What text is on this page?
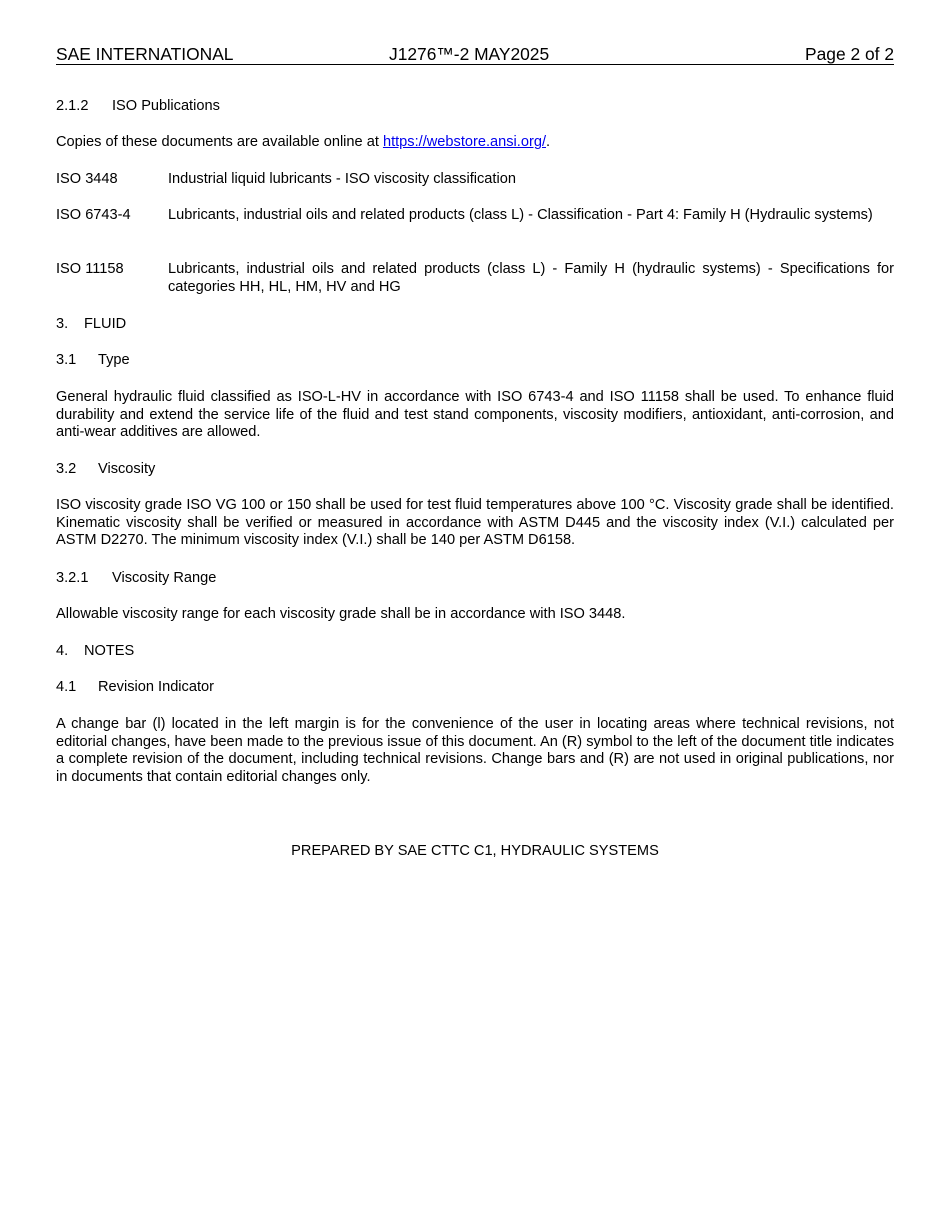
SAE INTERNATIONAL	J1276™-2 MAY2025	Page 2 of 2
2.1.2 ISO Publications

Copies of these documents are available online at https://webstore.ansi.org/.

ISO 3448	Industrial liquid lubricants - ISO viscosity classification
ISO 6743-4	Lubricants, industrial oils and related products (class L) - Classification - Part 4: Family H (Hydraulic systems)
ISO 11158	Lubricants, industrial oils and related products (class L) - Family H (hydraulic systems) - Specifications for categories HH, HL, HM, HV and HG
3. FLUID
3.1 Type

General hydraulic fluid classified as ISO-L-HV in accordance with ISO 6743-4 and ISO 11158 shall be used. To enhance fluid durability and extend the service life of the fluid and test stand components, viscosity modifiers, antioxidant, anti-corrosion, and anti-wear additives are allowed.

3.2 Viscosity

ISO viscosity grade ISO VG 100 or 150 shall be used for test fluid temperatures above 100 °C. Viscosity grade shall be identified. Kinematic viscosity shall be verified or measured in accordance with ASTM D445 and the viscosity index (V.I.) calculated per ASTM D2270. The minimum viscosity index (V.I.) shall be 140 per ASTM D6158.

3.2.1 Viscosity Range

Allowable viscosity range for each viscosity grade shall be in accordance with ISO 3448.

4. NOTES
4.1 Revision Indicator

A change bar (l) located in the left margin is for the convenience of the user in locating areas where technical revisions, not editorial changes, have been made to the previous issue of this document. An (R) symbol to the left of the document title indicates a complete revision of the document, including technical revisions. Change bars and (R) are not used in original publications, nor in documents that contain editorial changes only.

PREPARED BY SAE CTTC C1, HYDRAULIC SYSTEMS
